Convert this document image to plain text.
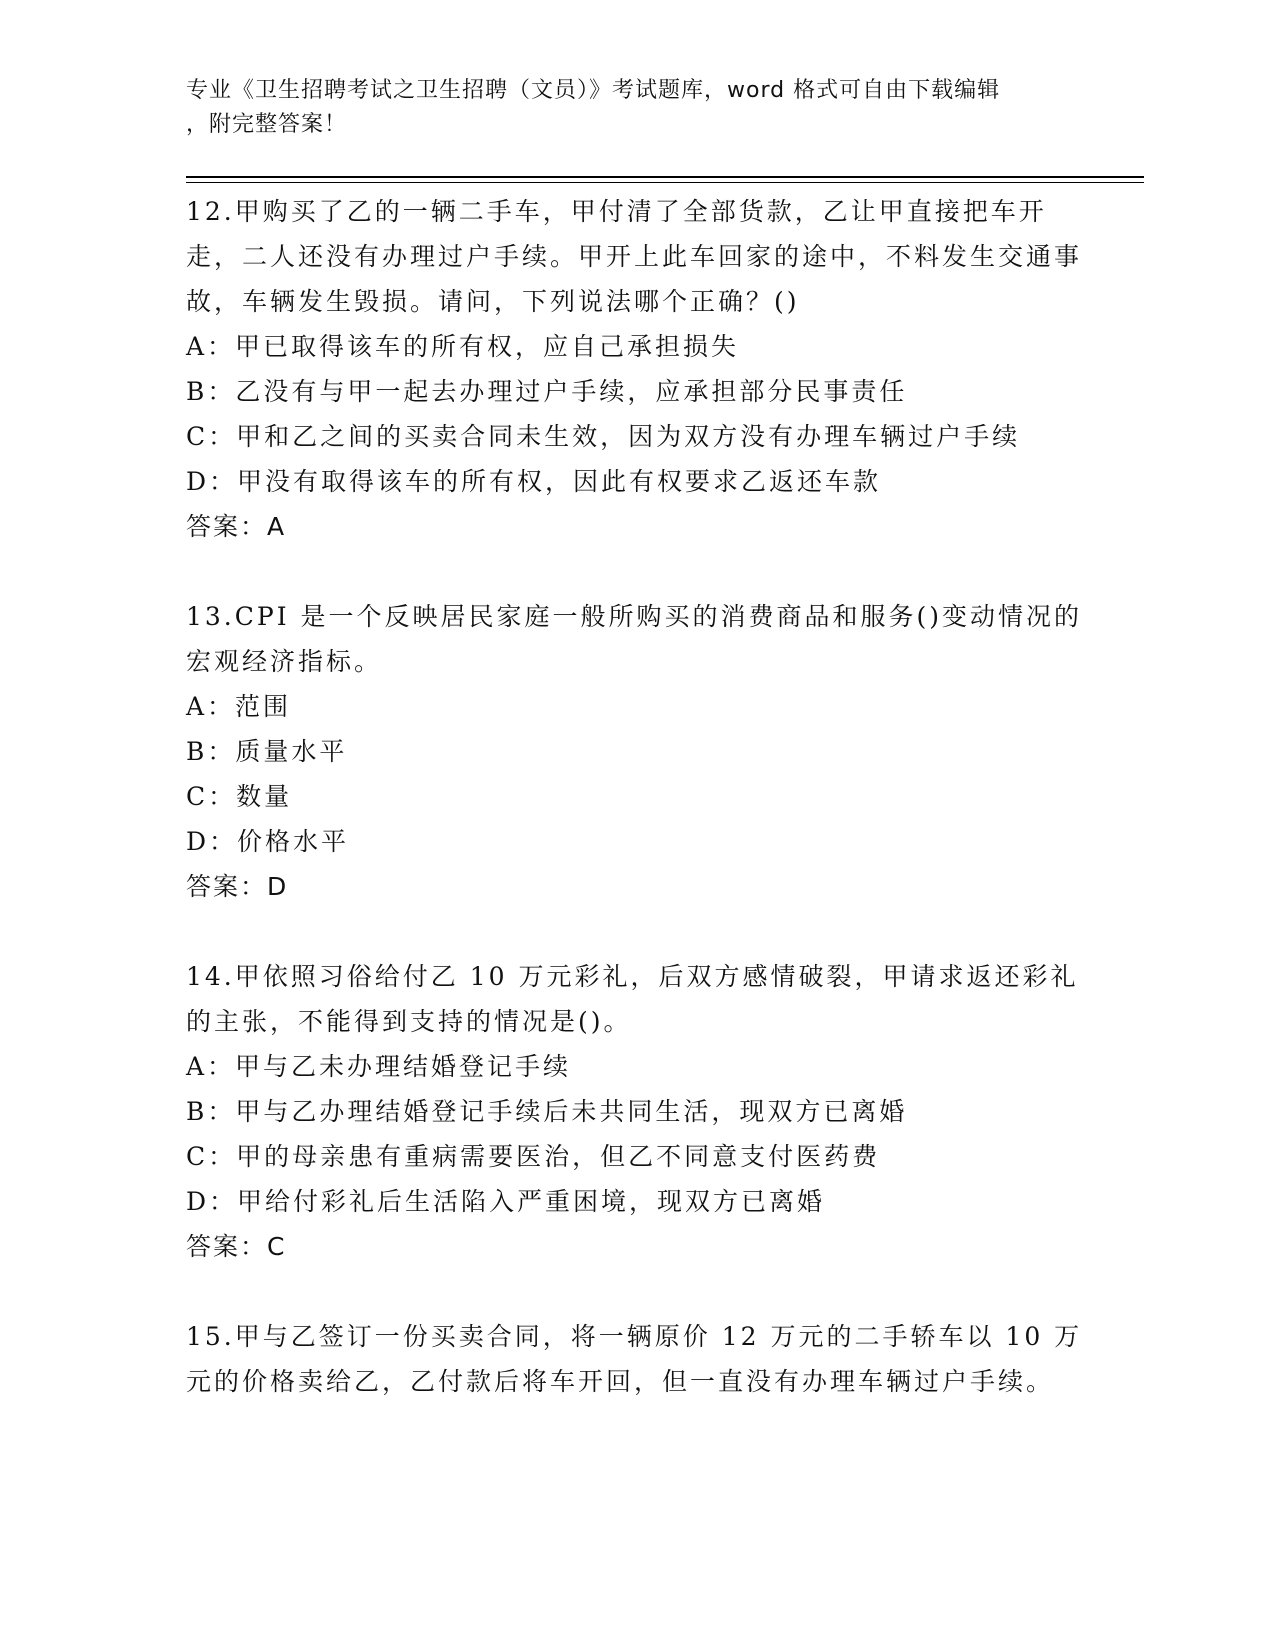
专业《卫生招聘考试之卫生招聘（文员）》考试题库，word 格式可自由下载编辑
，附完整答案！

12.甲购买了乙的一辆二手车，甲付清了全部货款，乙让甲直接把车开走，二人还没有办理过户手续。甲开上此车回家的途中，不料发生交通事故，车辆发生毁损。请问，下列说法哪个正确？()

A：甲已取得该车的所有权，应自己承担损失

B：乙没有与甲一起去办理过户手续，应承担部分民事责任

C：甲和乙之间的买卖合同未生效，因为双方没有办理车辆过户手续

D：甲没有取得该车的所有权，因此有权要求乙返还车款

答案：A

13.CPI 是一个反映居民家庭一般所购买的消费商品和服务()变动情况的宏观经济指标。

A：范围

B：质量水平

C：数量

D：价格水平

答案：D

14.甲依照习俗给付乙 10 万元彩礼，后双方感情破裂，甲请求返还彩礼的主张，不能得到支持的情况是()。

A：甲与乙未办理结婚登记手续

B：甲与乙办理结婚登记手续后未共同生活，现双方已离婚

C：甲的母亲患有重病需要医治，但乙不同意支付医药费

D：甲给付彩礼后生活陷入严重困境，现双方已离婚

答案：C

15.甲与乙签订一份买卖合同，将一辆原价 12 万元的二手轿车以 10 万元的价格卖给乙，乙付款后将车开回，但一直没有办理车辆过户手续。
